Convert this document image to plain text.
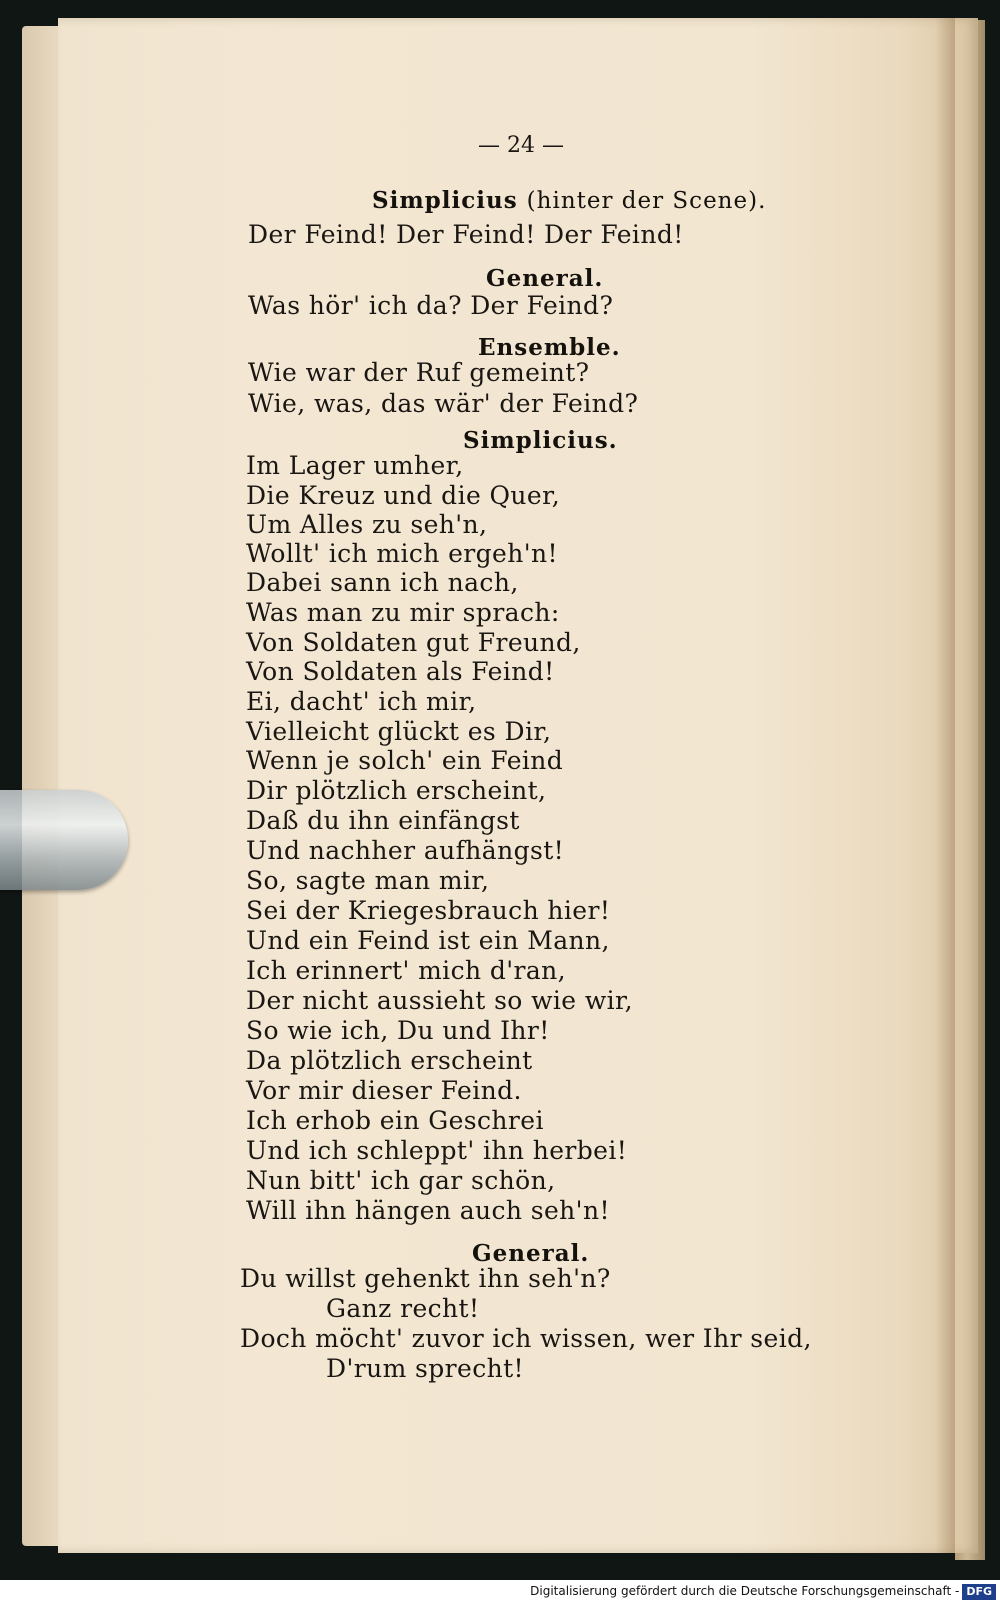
— 24 —
Simplicius (hinter der Scene).
Der Feind! Der Feind! Der Feind!
General.
Was hör' ich da? Der Feind?
Ensemble.
Wie war der Ruf gemeint?
Wie, was, das wär' der Feind?
Simplicius.
Im Lager umher,
Die Kreuz und die Quer,
Um Alles zu seh'n,
Wollt' ich mich ergeh'n!
Dabei sann ich nach,
Was man zu mir sprach:
Von Soldaten gut Freund,
Von Soldaten als Feind!
Ei, dacht' ich mir,
Vielleicht glückt es Dir,
Wenn je solch' ein Feind
Dir plötzlich erscheint,
Daß du ihn einfängst
Und nachher aufhängst!
So, sagte man mir,
Sei der Kriegesbrauch hier!
Und ein Feind ist ein Mann,
Ich erinnert' mich d'ran,
Der nicht aussieht so wie wir,
So wie ich, Du und Ihr!
Da plötzlich erscheint
Vor mir dieser Feind.
Ich erhob ein Geschrei
Und ich schleppt' ihn herbei!
Nun bitt' ich gar schön,
Will ihn hängen auch seh'n!
General.
Du willst gehenkt ihn seh'n?
Ganz recht!
Doch möcht' zuvor ich wissen, wer Ihr seid,
D'rum sprecht!
Digitalisierung gefördert durch die Deutsche Forschungsgemeinschaft - DFG
